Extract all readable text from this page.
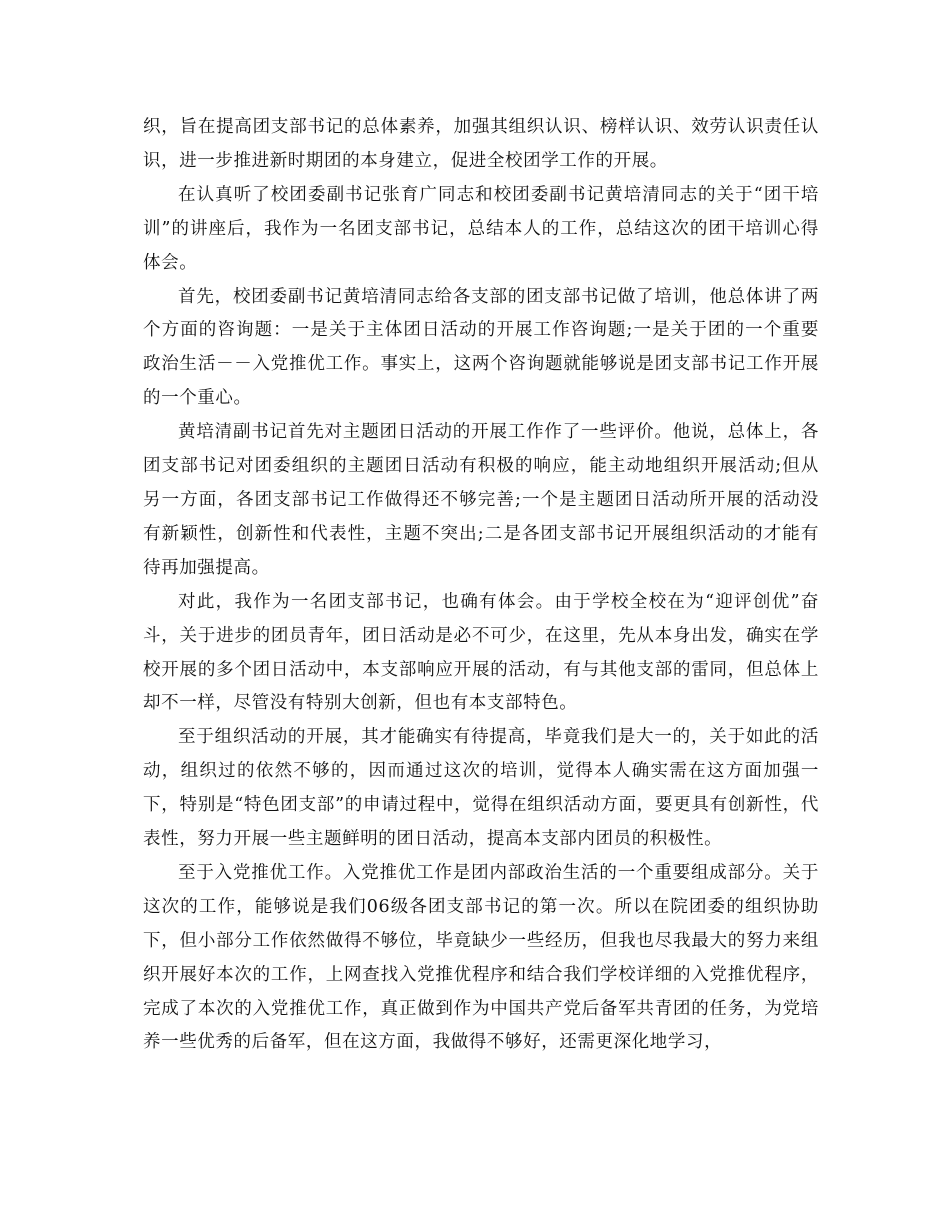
织，旨在提高团支部书记的总体素养，加强其组织认识、榜样认识、效劳认识责任认识，进一步推进新时期团的本身建立，促进全校团学工作的开展。

在认真听了校团委副书记张育广同志和校团委副书记黄培清同志的关于“团干培训”的讲座后，我作为一名团支部书记，总结本人的工作，总结这次的团干培训心得体会。

首先，校团委副书记黄培清同志给各支部的团支部书记做了培训，他总体讲了两个方面的咨询题：一是关于主体团日活动的开展工作咨询题;一是关于团的一个重要政治生活－－入党推优工作。事实上，这两个咨询题就能够说是团支部书记工作开展的一个重心。

黄培清副书记首先对主题团日活动的开展工作作了一些评价。他说，总体上，各团支部书记对团委组织的主题团日活动有积极的响应，能主动地组织开展活动;但从另一方面，各团支部书记工作做得还不够完善;一个是主题团日活动所开展的活动没有新颖性，创新性和代表性，主题不突出;二是各团支部书记开展组织活动的才能有待再加强提高。

对此，我作为一名团支部书记，也确有体会。由于学校全校在为“迎评创优”奋斗，关于进步的团员青年，团日活动是必不可少，在这里，先从本身出发，确实在学校开展的多个团日活动中，本支部响应开展的活动，有与其他支部的雷同，但总体上却不一样，尽管没有特别大创新，但也有本支部特色。

至于组织活动的开展，其才能确实有待提高，毕竟我们是大一的，关于如此的活动，组织过的依然不够的，因而通过这次的培训，觉得本人确实需在这方面加强一下，特别是“特色团支部”的申请过程中，觉得在组织活动方面，要更具有创新性，代表性，努力开展一些主题鲜明的团日活动，提高本支部内团员的积极性。

至于入党推优工作。入党推优工作是团内部政治生活的一个重要组成部分。关于这次的工作，能够说是我们06级各团支部书记的第一次。所以在院团委的组织协助下，但小部分工作依然做得不够位，毕竟缺少一些经历，但我也尽我最大的努力来组织开展好本次的工作，上网查找入党推优程序和结合我们学校详细的入党推优程序，完成了本次的入党推优工作，真正做到作为中国共产党后备军共青团的任务，为党培养一些优秀的后备军，但在这方面，我做得不够好，还需更深化地学习，
